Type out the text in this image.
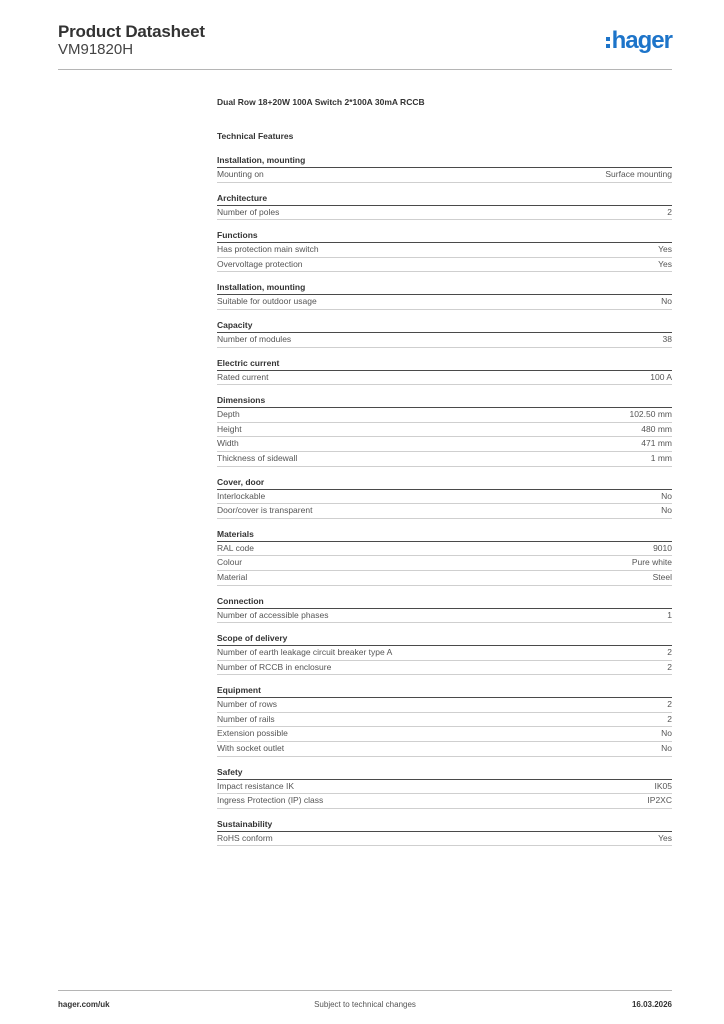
Product Datasheet
VM91820H	hager
Dual Row 18+20W 100A Switch 2*100A 30mA RCCB
Technical Features
Installation, mounting
Mounting on	Surface mounting
Architecture
Number of poles	2
Functions
Has protection main switch	Yes
Overvoltage protection	Yes
Installation, mounting
Suitable for outdoor usage	No
Capacity
Number of modules	38
Electric current
Rated current	100 A
Dimensions
Depth	102.50 mm
Height	480 mm
Width	471 mm
Thickness of sidewall	1 mm
Cover, door
Interlockable	No
Door/cover is transparent	No
Materials
RAL code	9010
Colour	Pure white
Material	Steel
Connection
Number of accessible phases	1
Scope of delivery
Number of earth leakage circuit breaker type A	2
Number of RCCB in enclosure	2
Equipment
Number of rows	2
Number of rails	2
Extension possible	No
With socket outlet	No
Safety
Impact resistance IK	IK05
Ingress Protection (IP) class	IP2XC
Sustainability
RoHS conform	Yes
hager.com/uk	Subject to technical changes	16.03.2026
